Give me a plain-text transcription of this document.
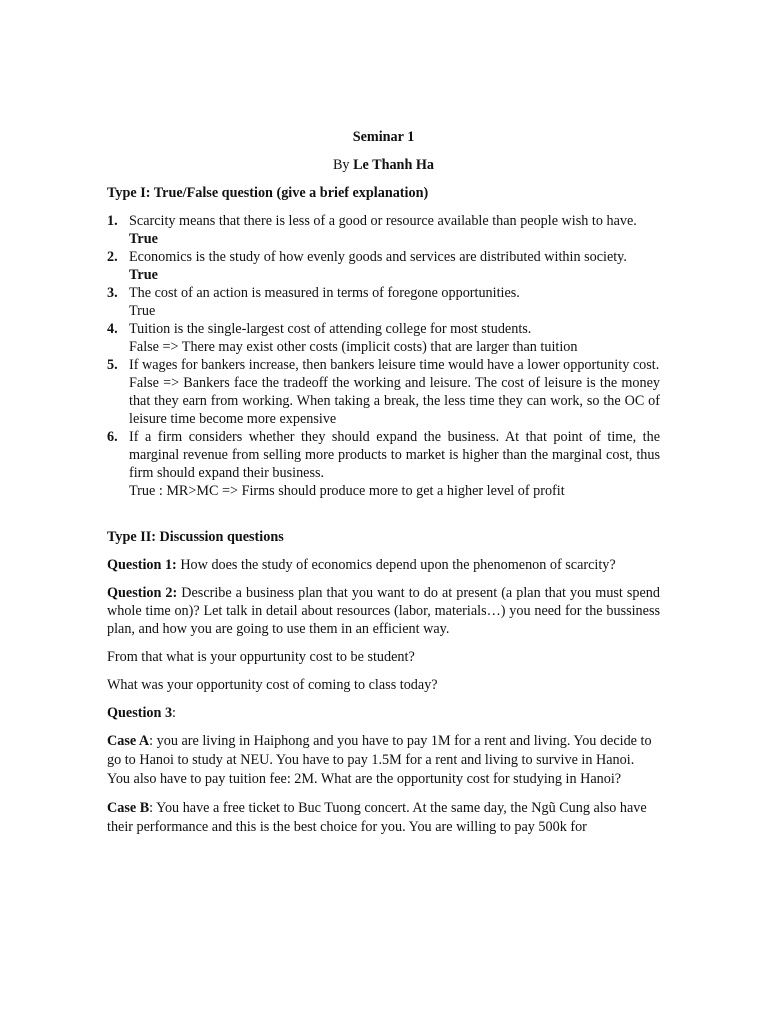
Seminar 1
By Le Thanh Ha
Type I: True/False question (give a brief explanation)
1. Scarcity means that there is less of a good or resource available than people wish to have.
True
2. Economics is the study of how evenly goods and services are distributed within society.
True
3. The cost of an action is measured in terms of foregone opportunities.
True
4. Tuition is the single-largest cost of attending college for most students.
False => There may exist other costs (implicit costs) that are larger than tuition
5. If wages for bankers increase, then bankers leisure time would have a lower opportunity cost.
False => Bankers face the tradeoff the working and leisure. The cost of leisure is the money that they earn from working. When taking a break, the less time they can work, so the OC of leisure time become more expensive
6. If a firm considers whether they should expand the business. At that point of time, the marginal revenue from selling more products to market is higher than the marginal cost, thus firm should expand their business.
True : MR>MC => Firms should produce more to get a higher level of profit
Type II: Discussion questions

Question 1: How does the study of economics depend upon the phenomenon of scarcity?

Question 2: Describe a business plan that you want to do at present (a plan that you must spend whole time on)? Let talk in detail about resources (labor, materials…) you need for the bussiness plan, and how you are going to use them in an efficient way.

From that what is your oppurtunity cost to be student?

What was your opportunity cost of coming to class today?

Question 3:

Case A: you are living in Haiphong and you have to pay 1M for a rent and living. You decide to go to Hanoi to study at NEU. You have to pay 1.5M for a rent and living to survive in Hanoi. You also have to pay tuition fee: 2M. What are the opportunity cost for studying in Hanoi?

Case B: You have a free ticket to Buc Tuong concert. At the same day, the Ngũ Cung also have their performance and this is the best choice for you. You are willing to pay 500k for
